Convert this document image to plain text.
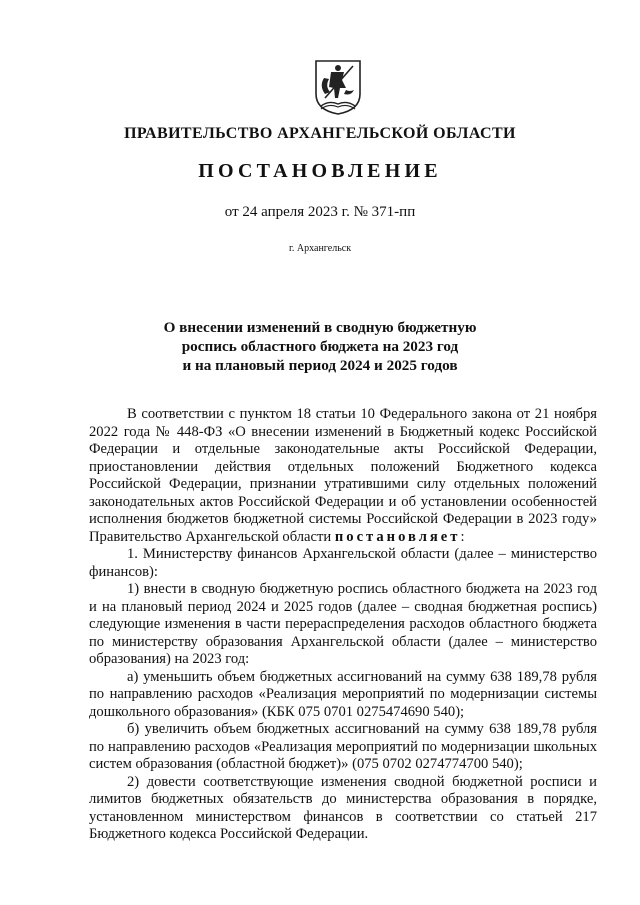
ПРАВИТЕЛЬСТВО АРХАНГЕЛЬСКОЙ ОБЛАСТИ
ПОСТАНОВЛЕНИЕ
от 24 апреля 2023 г. № 371-пп
г. Архангельск
О внесении изменений в сводную бюджетную
роспись областного бюджета на 2023 год
и на плановый период 2024 и 2025 годов

В соответствии с пунктом 18 статьи 10 Федерального закона от 21 ноября 2022 года № 448-ФЗ «О внесении изменений в Бюджетный кодекс Российской Федерации и отдельные законодательные акты Российской Федерации, приостановлении действия отдельных положений Бюджетного кодекса Российской Федерации, признании утратившими силу отдельных положений законодательных актов Российской Федерации и об установлении особенностей исполнения бюджетов бюджетной системы Российской Федерации в 2023 году» Правительство Архангельской области постановляет:

1. Министерству финансов Архангельской области (далее – министерство финансов):

1) внести в сводную бюджетную роспись областного бюджета на 2023 год и на плановый период 2024 и 2025 годов (далее – сводная бюджетная роспись) следующие изменения в части перераспределения расходов областного бюджета по министерству образования Архангельской области (далее – министерство образования) на 2023 год:

а) уменьшить объем бюджетных ассигнований на сумму 638 189,78 рубля по направлению расходов «Реализация мероприятий по модернизации системы дошкольного образования» (КБК 075 0701 0275474690 540);

б) увеличить объем бюджетных ассигнований на сумму 638 189,78 рубля по направлению расходов «Реализация мероприятий по модернизации школьных систем образования (областной бюджет)» (075 0702 0274774700 540);

2) довести соответствующие изменения сводной бюджетной росписи и лимитов бюджетных обязательств до министерства образования в порядке, установленном министерством финансов в соответствии со статьей 217 Бюджетного кодекса Российской Федерации.
